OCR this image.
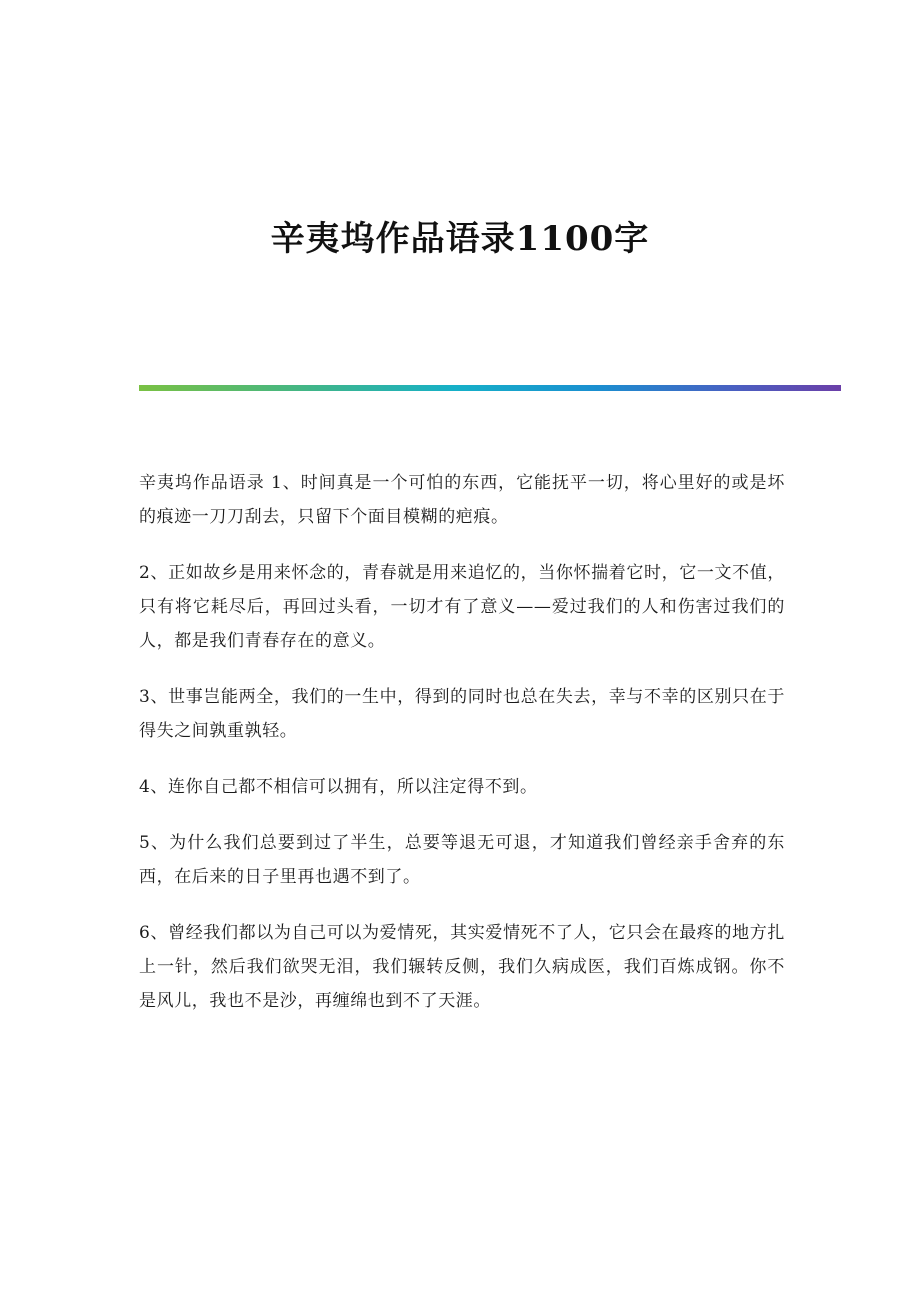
辛夷坞作品语录1100字

辛夷坞作品语录 1、时间真是一个可怕的东西，它能抚平一切，将心里好的或是坏的痕迹一刀刀刮去，只留下个面目模糊的疤痕。

2、正如故乡是用来怀念的，青春就是用来追忆的，当你怀揣着它时，它一文不值，只有将它耗尽后，再回过头看，一切才有了意义——爱过我们的人和伤害过我们的人，都是我们青春存在的意义。

3、世事岂能两全，我们的一生中，得到的同时也总在失去，幸与不幸的区别只在于得失之间孰重孰轻。

4、连你自己都不相信可以拥有，所以注定得不到。

5、为什么我们总要到过了半生，总要等退无可退，才知道我们曾经亲手舍弃的东西，在后来的日子里再也遇不到了。

6、曾经我们都以为自己可以为爱情死，其实爱情死不了人，它只会在最疼的地方扎上一针，然后我们欲哭无泪，我们辗转反侧，我们久病成医，我们百炼成钢。你不是风儿，我也不是沙，再缠绵也到不了天涯。
